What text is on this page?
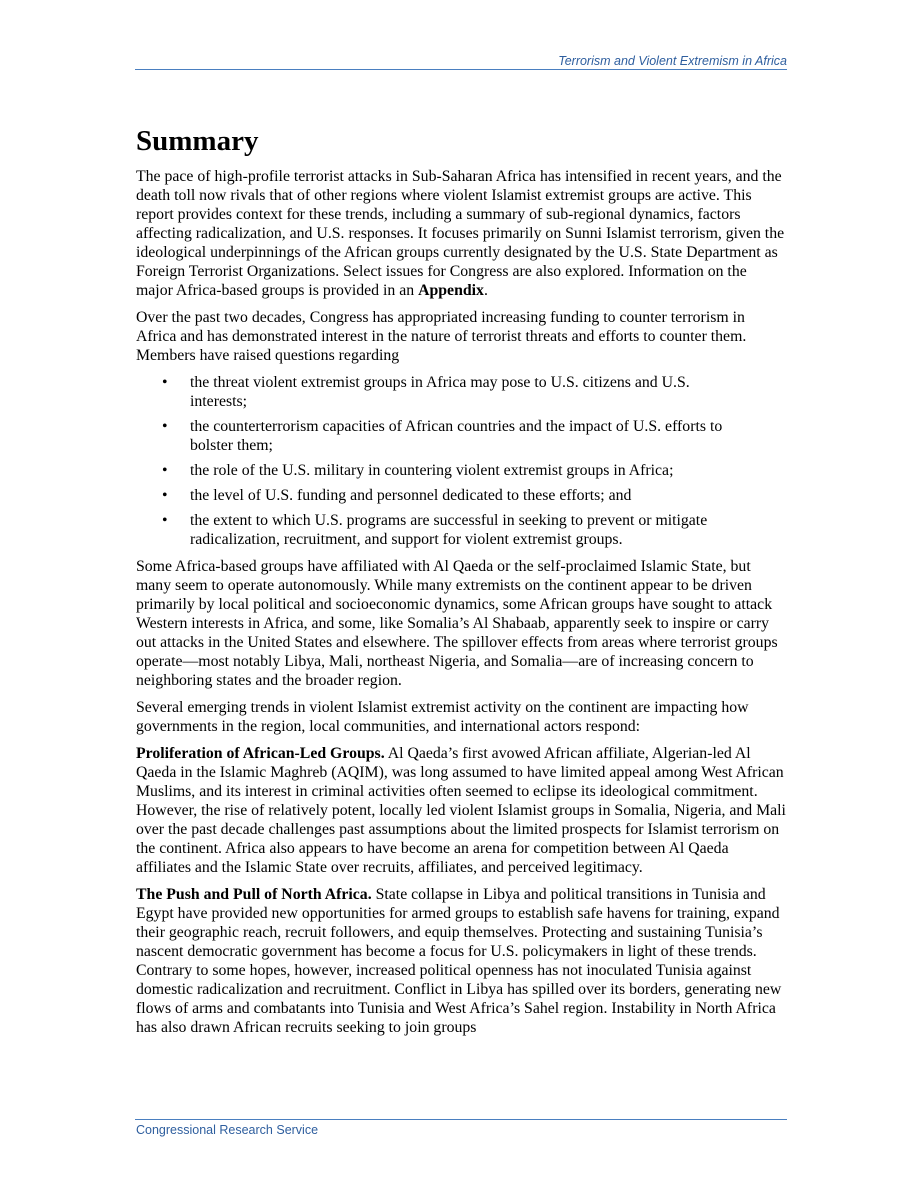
Terrorism and Violent Extremism in Africa
Summary

The pace of high-profile terrorist attacks in Sub-Saharan Africa has intensified in recent years, and the death toll now rivals that of other regions where violent Islamist extremist groups are active. This report provides context for these trends, including a summary of sub-regional dynamics, factors affecting radicalization, and U.S. responses. It focuses primarily on Sunni Islamist terrorism, given the ideological underpinnings of the African groups currently designated by the U.S. State Department as Foreign Terrorist Organizations. Select issues for Congress are also explored. Information on the major Africa-based groups is provided in an Appendix.

Over the past two decades, Congress has appropriated increasing funding to counter terrorism in Africa and has demonstrated interest in the nature of terrorist threats and efforts to counter them. Members have raised questions regarding

• the threat violent extremist groups in Africa may pose to U.S. citizens and U.S. interests;
• the counterterrorism capacities of African countries and the impact of U.S. efforts to bolster them;
• the role of the U.S. military in countering violent extremist groups in Africa;
• the level of U.S. funding and personnel dedicated to these efforts; and
• the extent to which U.S. programs are successful in seeking to prevent or mitigate radicalization, recruitment, and support for violent extremist groups.

Some Africa-based groups have affiliated with Al Qaeda or the self-proclaimed Islamic State, but many seem to operate autonomously. While many extremists on the continent appear to be driven primarily by local political and socioeconomic dynamics, some African groups have sought to attack Western interests in Africa, and some, like Somalia’s Al Shabaab, apparently seek to inspire or carry out attacks in the United States and elsewhere. The spillover effects from areas where terrorist groups operate—most notably Libya, Mali, northeast Nigeria, and Somalia—are of increasing concern to neighboring states and the broader region.

Several emerging trends in violent Islamist extremist activity on the continent are impacting how governments in the region, local communities, and international actors respond:

Proliferation of African-Led Groups. Al Qaeda’s first avowed African affiliate, Algerian-led Al Qaeda in the Islamic Maghreb (AQIM), was long assumed to have limited appeal among West African Muslims, and its interest in criminal activities often seemed to eclipse its ideological commitment. However, the rise of relatively potent, locally led violent Islamist groups in Somalia, Nigeria, and Mali over the past decade challenges past assumptions about the limited prospects for Islamist terrorism on the continent. Africa also appears to have become an arena for competition between Al Qaeda affiliates and the Islamic State over recruits, affiliates, and perceived legitimacy.

The Push and Pull of North Africa. State collapse in Libya and political transitions in Tunisia and Egypt have provided new opportunities for armed groups to establish safe havens for training, expand their geographic reach, recruit followers, and equip themselves. Protecting and sustaining Tunisia’s nascent democratic government has become a focus for U.S. policymakers in light of these trends. Contrary to some hopes, however, increased political openness has not inoculated Tunisia against domestic radicalization and recruitment. Conflict in Libya has spilled over its borders, generating new flows of arms and combatants into Tunisia and West Africa’s Sahel region. Instability in North Africa has also drawn African recruits seeking to join groups

Congressional Research Service
